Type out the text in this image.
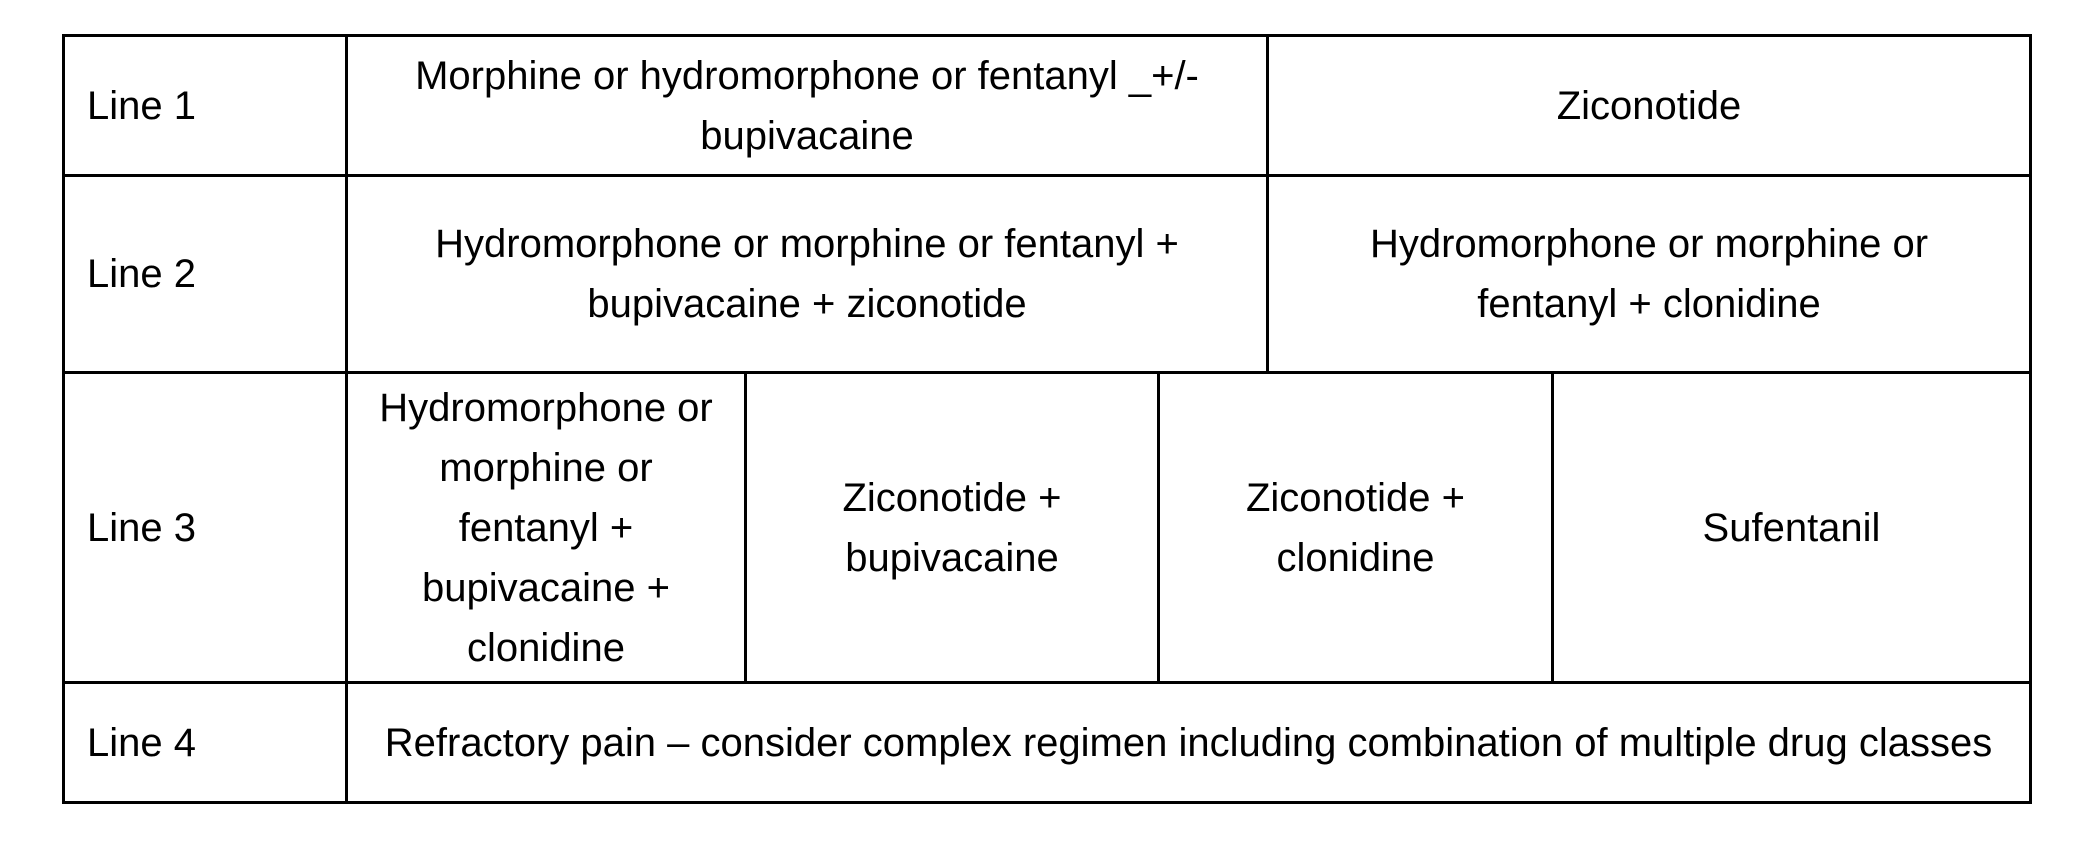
Line 1
Morphine or hydromorphone or fentanyl _+/-bupivacaine
Ziconotide
Line 2
Hydromorphone or morphine or fentanyl + bupivacaine + ziconotide
Hydromorphone or morphine or fentanyl + clonidine
Line 3
Hydromorphone or morphine or fentanyl + bupivacaine + clonidine
Ziconotide + bupivacaine
Ziconotide + clonidine
Sufentanil
Line 4	Refractory pain – consider complex regimen including combination of multiple drug classes
